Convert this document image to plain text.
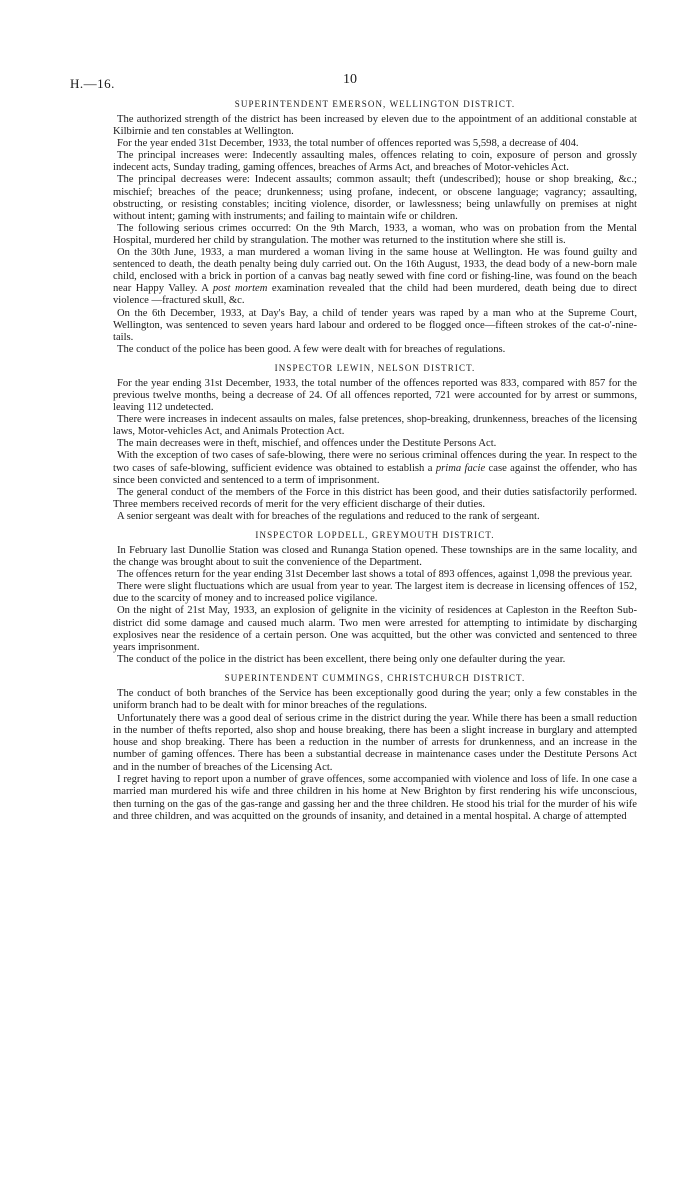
H.—16.	10
SUPERINTENDENT EMERSON, WELLINGTON DISTRICT.

The authorized strength of the district has been increased by eleven due to the appointment of an additional constable at Kilbirnie and ten constables at Wellington.

For the year ended 31st December, 1933, the total number of offences reported was 5,598, a decrease of 404.

The principal increases were: Indecently assaulting males, offences relating to coin, exposure of person and grossly indecent acts, Sunday trading, gaming offences, breaches of Arms Act, and breaches of Motor-vehicles Act.

The principal decreases were: Indecent assaults; common assault; theft (undescribed); house or shop breaking, &c.; mischief; breaches of the peace; drunkenness; using profane, indecent, or obscene language; vagrancy; assaulting, obstructing, or resisting constables; inciting violence, disorder, or lawlessness; being unlawfully on premises at night without intent; gaming with instruments; and failing to maintain wife or children.

The following serious crimes occurred: On the 9th March, 1933, a woman, who was on probation from the Mental Hospital, murdered her child by strangulation. The mother was returned to the institution where she still is.

On the 30th June, 1933, a man murdered a woman living in the same house at Wellington. He was found guilty and sentenced to death, the death penalty being duly carried out. On the 16th August, 1933, the dead body of a new-born male child, enclosed with a brick in portion of a canvas bag neatly sewed with fine cord or fishing-line, was found on the beach near Happy Valley. A post mortem examination revealed that the child had been murdered, death being due to direct violence —fractured skull, &c.

On the 6th December, 1933, at Day's Bay, a child of tender years was raped by a man who at the Supreme Court, Wellington, was sentenced to seven years hard labour and ordered to be flogged once—fifteen strokes of the cat-o'-nine-tails.

The conduct of the police has been good. A few were dealt with for breaches of regulations.

INSPECTOR LEWIN, NELSON DISTRICT.

For the year ending 31st December, 1933, the total number of the offences reported was 833, compared with 857 for the previous twelve months, being a decrease of 24. Of all offences reported, 721 were accounted for by arrest or summons, leaving 112 undetected.

There were increases in indecent assaults on males, false pretences, shop-breaking, drunkenness, breaches of the licensing laws, Motor-vehicles Act, and Animals Protection Act.

The main decreases were in theft, mischief, and offences under the Destitute Persons Act.

With the exception of two cases of safe-blowing, there were no serious criminal offences during the year. In respect to the two cases of safe-blowing, sufficient evidence was obtained to establish a prima facie case against the offender, who has since been convicted and sentenced to a term of imprisonment.

The general conduct of the members of the Force in this district has been good, and their duties satisfactorily performed. Three members received records of merit for the very efficient discharge of their duties.

A senior sergeant was dealt with for breaches of the regulations and reduced to the rank of sergeant.

INSPECTOR LOPDELL, GREYMOUTH DISTRICT.

In February last Dunollie Station was closed and Runanga Station opened. These townships are in the same locality, and the change was brought about to suit the convenience of the Department.

The offences return for the year ending 31st December last shows a total of 893 offences, against 1,098 the previous year.

There were slight fluctuations which are usual from year to year. The largest item is decrease in licensing offences of 152, due to the scarcity of money and to increased police vigilance.

On the night of 21st May, 1933, an explosion of gelignite in the vicinity of residences at Capleston in the Reefton Sub-district did some damage and caused much alarm. Two men were arrested for attempting to intimidate by discharging explosives near the residence of a certain person. One was acquitted, but the other was convicted and sentenced to three years imprisonment.

The conduct of the police in the district has been excellent, there being only one defaulter during the year.

SUPERINTENDENT CUMMINGS, CHRISTCHURCH DISTRICT.

The conduct of both branches of the Service has been exceptionally good during the year; only a few constables in the uniform branch had to be dealt with for minor breaches of the regulations.

Unfortunately there was a good deal of serious crime in the district during the year. While there has been a small reduction in the number of thefts reported, also shop and house breaking, there has been a slight increase in burglary and attempted house and shop breaking. There has been a reduction in the number of arrests for drunkenness, and an increase in the number of gaming offences. There has been a substantial decrease in maintenance cases under the Destitute Persons Act and in the number of breaches of the Licensing Act.

I regret having to report upon a number of grave offences, some accompanied with violence and loss of life. In one case a married man murdered his wife and three children in his home at New Brighton by first rendering his wife unconscious, then turning on the gas of the gas-range and gassing her and the three children. He stood his trial for the murder of his wife and three children, and was acquitted on the grounds of insanity, and detained in a mental hospital. A charge of attempted
